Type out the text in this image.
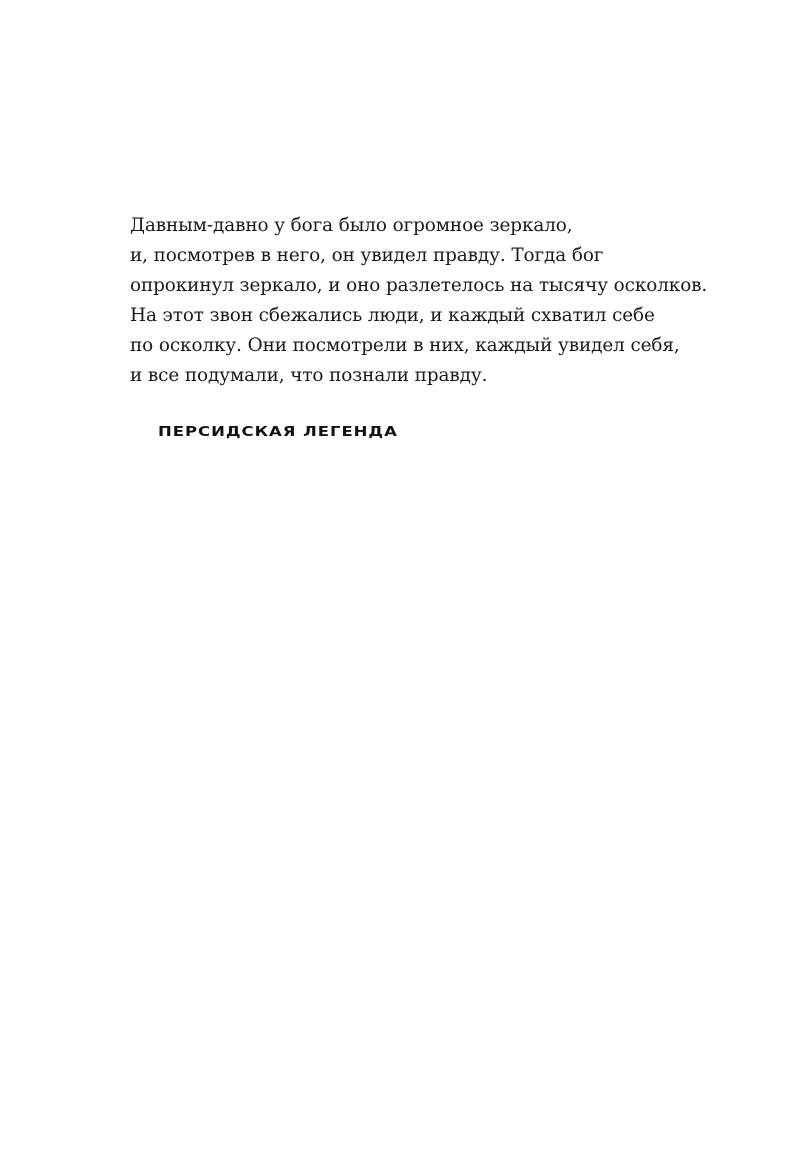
Давным-давно у бога было огромное зеркало,
и, посмотрев в него, он увидел правду. Тогда бог
опрокинул зеркало, и оно разлетелось на тысячу осколков.
На этот звон сбежались люди, и каждый схватил себе
по осколку. Они посмотрели в них, каждый увидел себя,
и все подумали, что познали правду.
ПЕРСИДСКАЯ ЛЕГЕНДА
